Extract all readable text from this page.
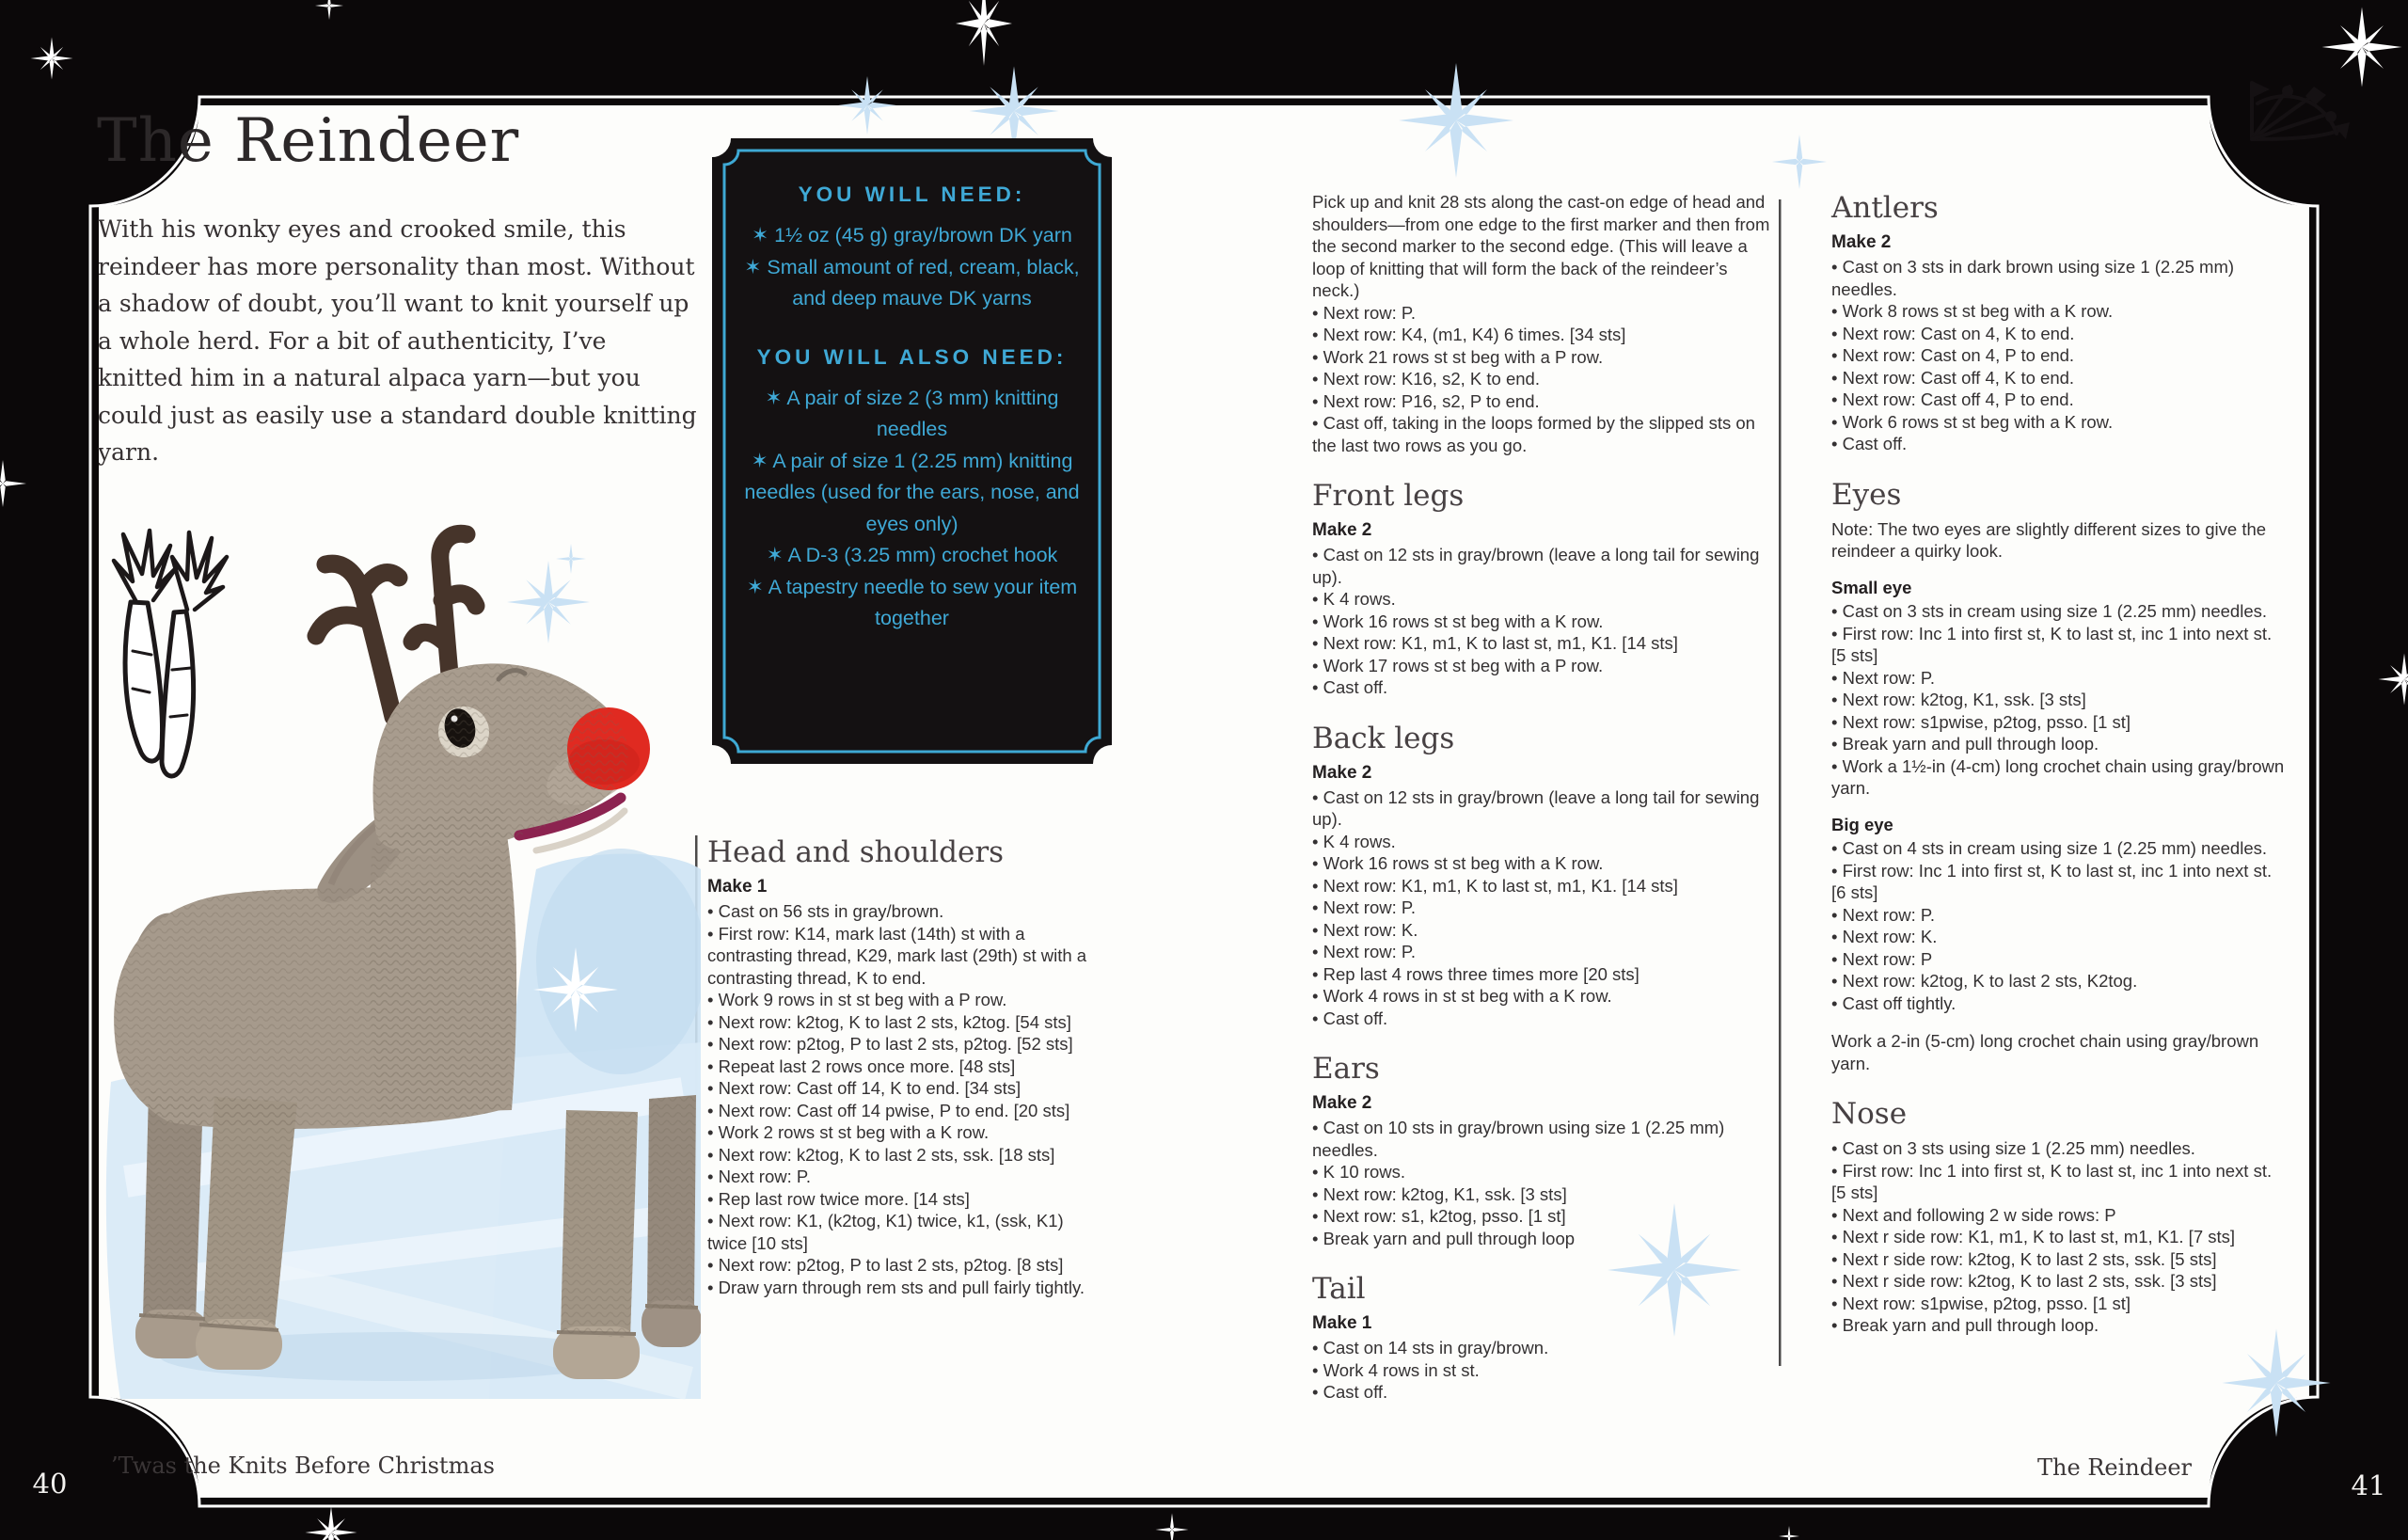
The Reindeer

With his wonky eyes and crooked smile, this reindeer has more personality than most. Without a shadow of doubt, you’ll want to knit yourself up a whole herd. For a bit of authenticity, I’ve knitted him in a natural alpaca yarn—but you could just as easily use a standard double knitting yarn.

YOU WILL NEED:
✶ 1½ oz (45 g) gray/brown DK yarn
✶ Small amount of red, cream, black, and deep mauve DK yarns
YOU WILL ALSO NEED:
✶ A pair of size 2 (3 mm) knitting needles
✶ A pair of size 1 (2.25 mm) knitting needles (used for the ears, nose, and eyes only)
✶ A D-3 (3.25 mm) crochet hook
✶ A tapestry needle to sew your item together
Head and shoulders
Make 1
• Cast on 56 sts in gray/brown.
• First row: K14, mark last (14th) st with a contrasting thread, K29, mark last (29th) st with a contrasting thread, K to end.
• Work 9 rows in st st beg with a P row.
• Next row: k2tog, K to last 2 sts, k2tog. [54 sts]
• Next row: p2tog, P to last 2 sts, p2tog. [52 sts]
• Repeat last 2 rows once more. [48 sts]
• Next row: Cast off 14, K to end. [34 sts]
• Next row: Cast off 14 pwise, P to end. [20 sts]
• Work 2 rows st st beg with a K row.
• Next row: k2tog, K to last 2 sts, ssk. [18 sts]
• Next row: P.
• Rep last row twice more. [14 sts]
• Next row: K1, (k2tog, K1) twice, k1, (ssk, K1) twice [10 sts]
• Next row: p2tog, P to last 2 sts, p2tog. [8 sts]
• Draw yarn through rem sts and pull fairly tightly.
Pick up and knit 28 sts along the cast-on edge of head and shoulders—from one edge to the first marker and then from the second marker to the second edge. (This will leave a loop of knitting that will form the back of the reindeer’s neck.)
• Next row: P.
• Next row: K4, (m1, K4) 6 times. [34 sts]
• Work 21 rows st st beg with a P row.
• Next row: K16, s2, K to end.
• Next row: P16, s2, P to end.
• Cast off, taking in the loops formed by the slipped sts on the last two rows as you go.
Front legs
Make 2
• Cast on 12 sts in gray/brown (leave a long tail for sewing up).
• K 4 rows.
• Work 16 rows st st beg with a K row.
• Next row: K1, m1, K to last st, m1, K1. [14 sts]
• Work 17 rows st st beg with a P row.
• Cast off.
Back legs
Make 2
• Cast on 12 sts in gray/brown (leave a long tail for sewing up).
• K 4 rows.
• Work 16 rows st st beg with a K row.
• Next row: K1, m1, K to last st, m1, K1. [14 sts]
• Next row: P.
• Next row: K.
• Next row: P.
• Rep last 4 rows three times more [20 sts]
• Work 4 rows in st st beg with a K row.
• Cast off.
Ears
Make 2
• Cast on 10 sts in gray/brown using size 1 (2.25 mm) needles.
• K 10 rows.
• Next row: k2tog, K1, ssk. [3 sts]
• Next row: s1, k2tog, psso. [1 st]
• Break yarn and pull through loop
Tail
Make 1
• Cast on 14 sts in gray/brown.
• Work 4 rows in st st.
• Cast off.
Antlers
Make 2
• Cast on 3 sts in dark brown using size 1 (2.25 mm) needles.
• Work 8 rows st st beg with a K row.
• Next row: Cast on 4, K to end.
• Next row: Cast on 4, P to end.
• Next row: Cast off 4, K to end.
• Next row: Cast off 4, P to end.
• Work 6 rows st st beg with a K row.
• Cast off.
Eyes
Note: The two eyes are slightly different sizes to give the reindeer a quirky look.
Small eye
• Cast on 3 sts in cream using size 1 (2.25 mm) needles.
• First row: Inc 1 into first st, K to last st, inc 1 into next st. [5 sts]
• Next row: P.
• Next row: k2tog, K1, ssk. [3 sts]
• Next row: s1pwise, p2tog, psso. [1 st]
• Break yarn and pull through loop.
• Work a 1½-in (4-cm) long crochet chain using gray/brown yarn.
Big eye
• Cast on 4 sts in cream using size 1 (2.25 mm) needles.
• First row: Inc 1 into first st, K to last st, inc 1 into next st. [6 sts]
• Next row: P.
• Next row: K.
• Next row: P
• Next row: k2tog, K to last 2 sts, K2tog.
• Cast off tightly.
Work a 2-in (5-cm) long crochet chain using gray/brown yarn.
Nose
• Cast on 3 sts using size 1 (2.25 mm) needles.
• First row: Inc 1 into first st, K to last st, inc 1 into next st. [5 sts]
• Next and following 2 w side rows: P
• Next r side row: K1, m1, K to last st, m1, K1. [7 sts]
• Next r side row: k2tog, K to last 2 sts, ssk. [5 sts]
• Next r side row: k2tog, K to last 2 sts, ssk. [3 sts]
• Next row: s1pwise, p2tog, psso. [1 st]
• Break yarn and pull through loop.
’Twas the Knits Before Christmas	The Reindeer
40	41
